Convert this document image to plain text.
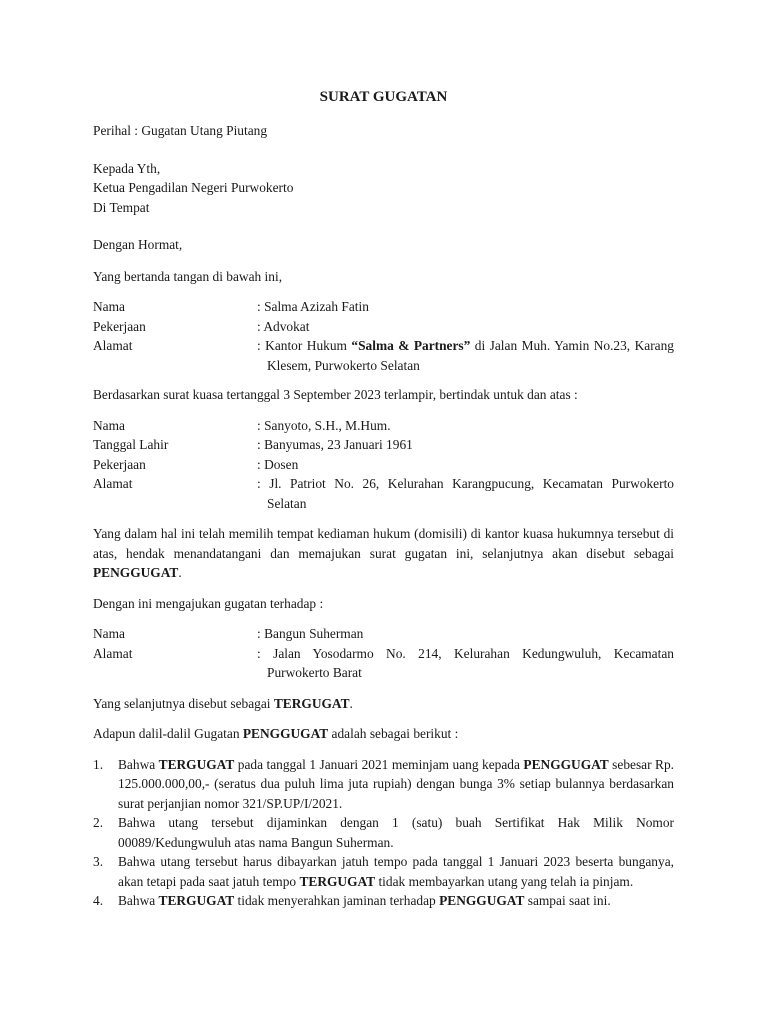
SURAT GUGATAN

Perihal : Gugatan Utang Piutang

Kepada Yth,

Ketua Pengadilan Negeri Purwokerto

Di Tempat

Dengan Hormat,

Yang bertanda tangan di bawah ini,

Nama	: Salma Azizah Fatin
Pekerjaan	: Advokat
Alamat	: Kantor Hukum “Salma & Partners” di Jalan Muh. Yamin No.23, Karang Klesem, Purwokerto Selatan

Berdasarkan surat kuasa tertanggal 3 September 2023 terlampir, bertindak untuk dan atas :

Nama	: Sanyoto, S.H., M.Hum.
Tanggal Lahir	: Banyumas, 23 Januari 1961
Pekerjaan	: Dosen
Alamat	: Jl. Patriot No. 26, Kelurahan Karangpucung, Kecamatan Purwokerto Selatan

Yang dalam hal ini telah memilih tempat kediaman hukum (domisili) di kantor kuasa hukumnya tersebut di atas, hendak menandatangani dan memajukan surat gugatan ini, selanjutnya akan disebut sebagai PENGGUGAT.

Dengan ini mengajukan gugatan terhadap :

Nama	: Bangun Suherman
Alamat	: Jalan Yosodarmo No. 214, Kelurahan Kedungwuluh, Kecamatan Purwokerto Barat

Yang selanjutnya disebut sebagai TERGUGAT.

Adapun dalil-dalil Gugatan PENGGUGAT adalah sebagai berikut :

1.	Bahwa TERGUGAT pada tanggal 1 Januari 2021 meminjam uang kepada PENGGUGAT sebesar Rp. 125.000.000,00,- (seratus dua puluh lima juta rupiah) dengan bunga 3% setiap bulannya berdasarkan surat perjanjian nomor 321/SP.UP/I/2021.
2.	Bahwa utang tersebut dijaminkan dengan 1 (satu) buah Sertifikat Hak Milik Nomor 00089/Kedungwuluh atas nama Bangun Suherman.
3.	Bahwa utang tersebut harus dibayarkan jatuh tempo pada tanggal 1 Januari 2023 beserta bunganya, akan tetapi pada saat jatuh tempo TERGUGAT tidak membayarkan utang yang telah ia pinjam.
4.	Bahwa TERGUGAT tidak menyerahkan jaminan terhadap PENGGUGAT sampai saat ini.
